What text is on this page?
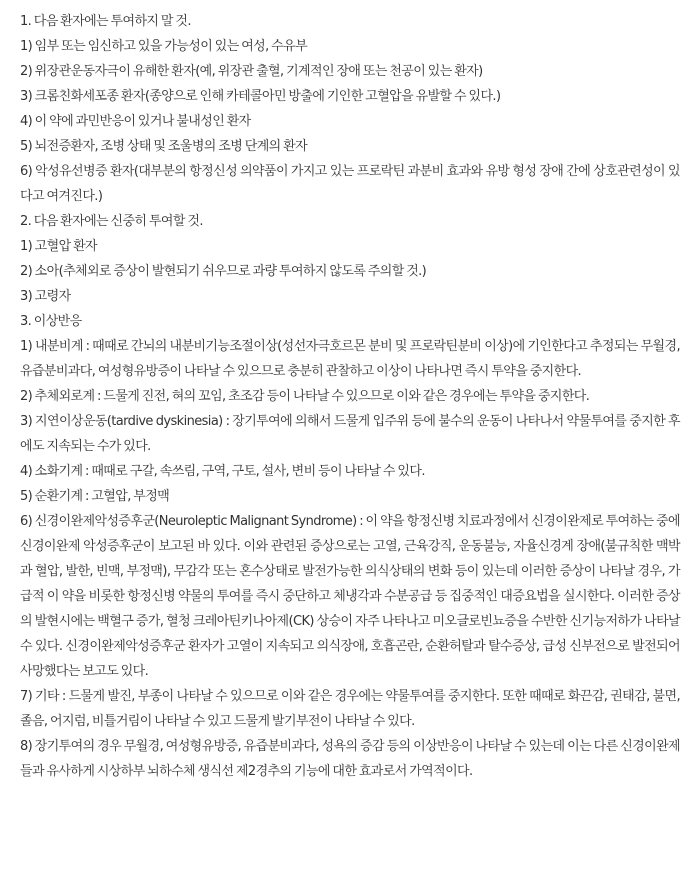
1. 다음 환자에는 투여하지 말 것.
1) 임부 또는 임신하고 있을 가능성이 있는 여성, 수유부
2) 위장관운동자극이 유해한 환자(예, 위장관 출혈, 기계적인 장애 또는 천공이 있는 환자)
3) 크롬친화세포종 환자(종양으로 인해 카테콜아민 방출에 기인한 고혈압을 유발할 수 있다.)
4) 이 약에 과민반응이 있거나 불내성인 환자
5) 뇌전증환자, 조병 상태 및 조울병의 조병 단계의 환자
6) 악성유선병증 환자(대부분의 항정신성 의약품이 가지고 있는 프로락틴 과분비 효과와 유방 형성 장애 간에 상호관련성이 있다고 여겨진다.)
2. 다음 환자에는 신중히 투여할 것.
1) 고혈압 환자
2) 소아(추체외로 증상이 발현되기 쉬우므로 과량 투여하지 않도록 주의할 것.)
3) 고령자
3. 이상반응
1) 내분비계 : 때때로 간뇌의 내분비기능조절이상(성선자극호르몬 분비 및 프로락틴분비 이상)에 기인한다고 추정되는 무월경, 유즙분비과다, 여성형유방증이 나타날 수 있으므로 충분히 관찰하고 이상이 나타나면 즉시 투약을 중지한다.
2) 추체외로계 : 드물게 진전, 혀의 꼬임, 초조감 등이 나타날 수 있으므로 이와 같은 경우에는 투약을 중지한다.
3) 지연이상운동(tardive dyskinesia) : 장기투여에 의해서 드물게 입주위 등에 불수의 운동이 나타나서 약물투여를 중지한 후에도 지속되는 수가 있다.
4) 소화기계 : 때때로 구갈, 속쓰림, 구역, 구토, 설사, 변비 등이 나타날 수 있다.
5) 순환기계 : 고혈압, 부정맥
6) 신경이완제악성증후군(Neuroleptic Malignant Syndrome) : 이 약을 항정신병 치료과정에서 신경이완제로 투여하는 중에 신경이완제 악성증후군이 보고된 바 있다. 이와 관련된 증상으로는 고열, 근육강직, 운동불능, 자율신경계 장애(불규칙한 맥박과 혈압, 발한, 빈맥, 부정맥), 무감각 또는 혼수상태로 발전가능한 의식상태의 변화 등이 있는데 이러한 증상이 나타날 경우, 가급적 이 약을 비롯한 항정신병 약물의 투여를 즉시 중단하고 체냉각과 수분공급 등 집중적인 대증요법을 실시한다. 이러한 증상의 발현시에는 백혈구 증가, 혈청 크레아틴키나아제(CK) 상승이 자주 나타나고 미오글로빈뇨증을 수반한 신기능저하가 나타날 수 있다. 신경이완제악성증후군 환자가 고열이 지속되고 의식장애, 호흡곤란, 순환허탈과 탈수증상, 급성 신부전으로 발전되어 사망했다는 보고도 있다.
7) 기타 : 드물게 발진, 부종이 나타날 수 있으므로 이와 같은 경우에는 약물투여를 중지한다. 또한 때때로 화끈감, 권태감, 불면, 졸음, 어지럼, 비틀거림이 나타날 수 있고 드물게 발기부전이 나타날 수 있다.
8) 장기투여의 경우 무월경, 여성형유방증, 유즙분비과다, 성욕의 증감 등의 이상반응이 나타날 수 있는데 이는 다른 신경이완제들과 유사하게 시상하부 뇌하수체 생식선 제2경추의 기능에 대한 효과로서 가역적이다.
